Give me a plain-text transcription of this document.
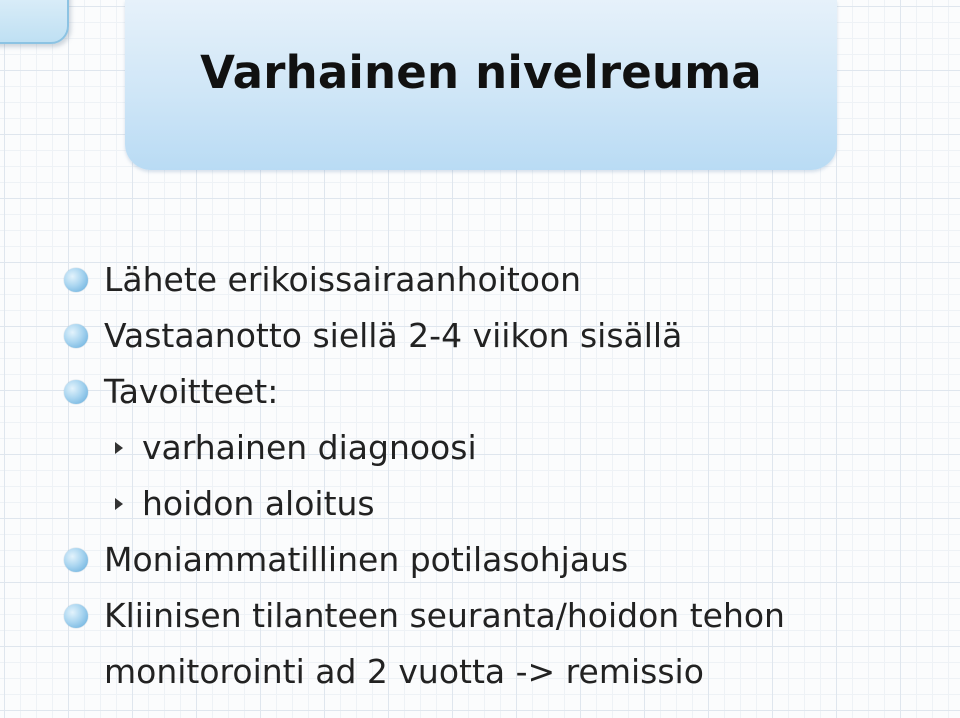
Varhainen nivelreuma
Lähete erikoissairaanhoitoon
Vastaanotto siellä 2-4 viikon sisällä
Tavoitteet:
varhainen diagnoosi
hoidon aloitus
Moniammatillinen potilasohjaus
Kliinisen tilanteen seuranta/hoidon tehon
monitorointi ad 2 vuotta -> remissio
